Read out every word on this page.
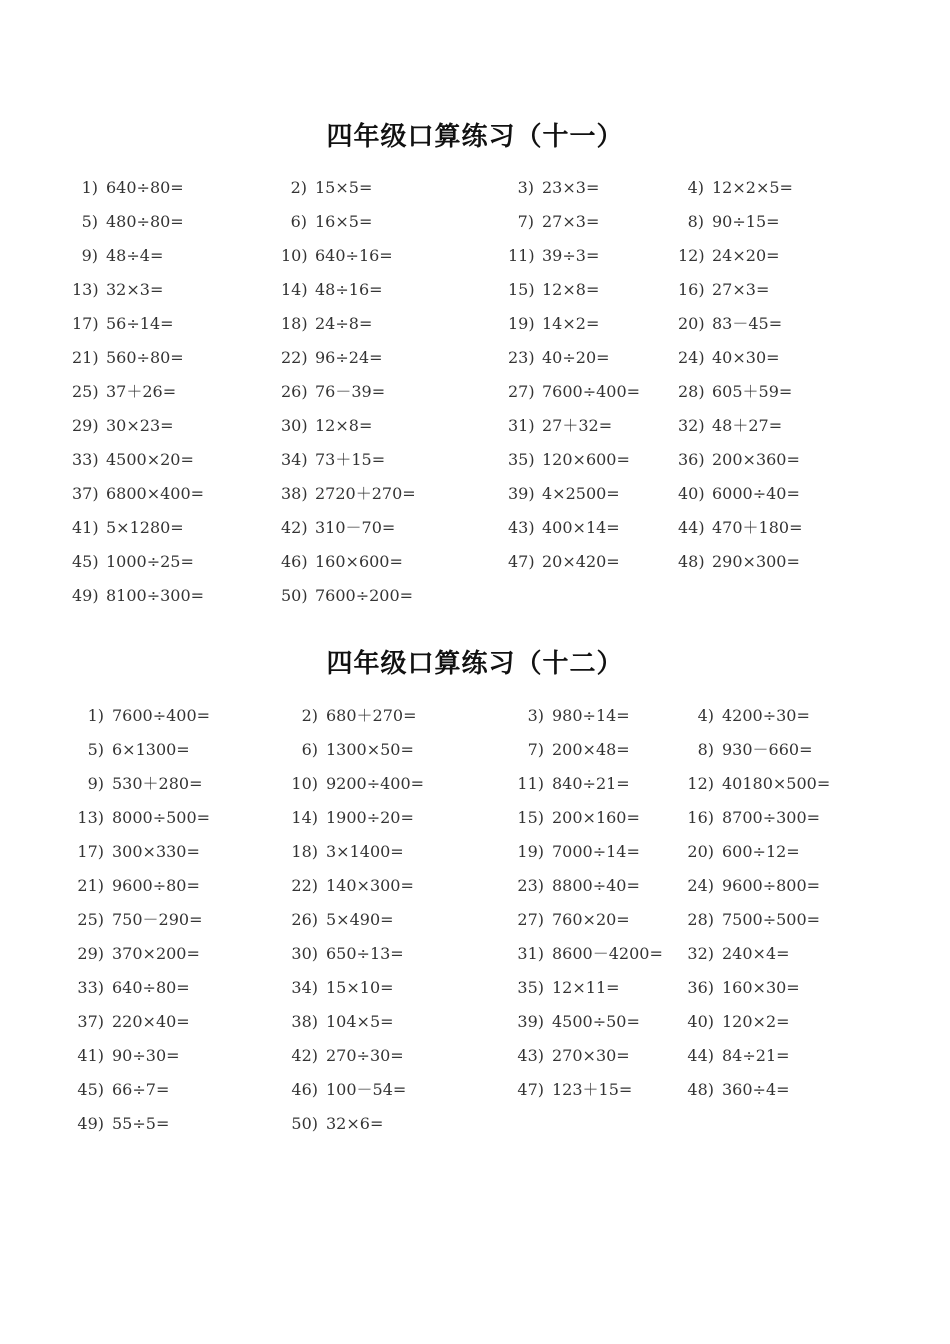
四年级口算练习（十一）
1) 640÷80=	2) 15×5=	3) 23×3=	4) 12×2×5=
5) 480÷80=	6) 16×5=	7) 27×3=	8) 90÷15=
9) 48÷4=	10) 640÷16=	11) 39÷3=	12) 24×20=
13) 32×3=	14) 48÷16=	15) 12×8=	16) 27×3=
17) 56÷14=	18) 24÷8=	19) 14×2=	20) 83－45=
21) 560÷80=	22) 96÷24=	23) 40÷20=	24) 40×30=
25) 37＋26=	26) 76－39=	27) 7600÷400= 28) 605＋59=
29) 30×23=	30) 12×8=	31) 27＋32=	32) 48＋27=
33) 4500×20=	34) 73＋15=	35) 120×600=	36) 200×360=
37) 6800×400=	38) 2720＋270=	39) 4×2500=	40) 6000÷40=
41) 5×1280=	42) 310－70=	43) 400×14=	44) 470＋180=
45) 1000÷25=	46) 160×600=	47) 20×420=	48) 290×300=
49) 8100÷300=	50) 7600÷200=
四年级口算练习（十二）
1) 7600÷400=	2) 680＋270=	3) 980÷14=	4) 4200÷30=
5) 6×1300=	6) 1300×50=	7) 200×48=	8) 930－660=
9) 530＋280=	10) 9200÷400=	11) 840÷21=	12) 40180×500=
13) 8000÷500=	14) 1900÷20=	15) 200×160=	16) 8700÷300=
17) 300×330=	18) 3×1400=	19) 7000÷14=	20) 600÷12=
21) 9600÷80=	22) 140×300=	23) 8800÷40=	24) 9600÷800=
25) 750－290=	26) 5×490=	27) 760×20=	28) 7500÷500=
29) 370×200=	30) 650÷13=	31) 8600－4200=	32) 240×4=
33) 640÷80=	34) 15×10=	35) 12×11=	36) 160×30=
37) 220×40=	38) 104×5=	39) 4500÷50=	40) 120×2=
41) 90÷30=	42) 270÷30=	43) 270×30=	44) 84÷21=
45) 66÷7=	46) 100－54=	47) 123＋15=	48) 360÷4=
49) 55÷5=	50) 32×6=
